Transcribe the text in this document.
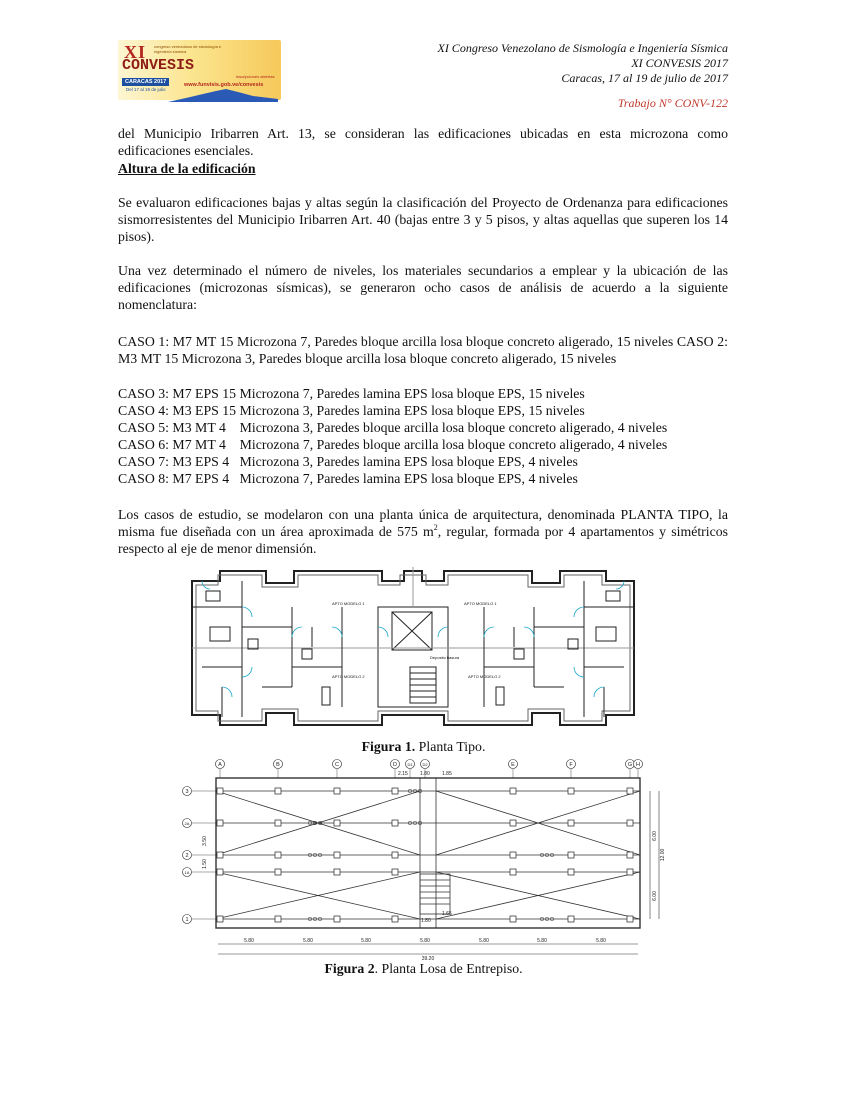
XI congreso venezolano de sismología e ingeniería sísmica
CONVESIS
CARACAS 2017
Del 17 al 19 de julio
inscripciones abiertas
www.funvisis.gob.ve/convesis
XI Congreso Venezolano de Sismología e Ingeniería Sísmica
XI CONVESIS 2017
Caracas, 17 al 19 de julio de 2017
Trabajo N° CONV-122
del Municipio Iribarren Art. 13, se consideran las edificaciones ubicadas en esta microzona como edificaciones esenciales.
Altura de la edificación
Se evaluaron edificaciones bajas y altas según la clasificación del Proyecto de Ordenanza para edificaciones sismorresistentes del Municipio Iribarren Art. 40 (bajas entre 3 y 5 pisos, y altas aquellas que superen los 14 pisos).
Una vez determinado el número de niveles, los materiales secundarios a emplear y la ubicación de las edificaciones (microzonas sísmicas), se generaron ocho casos de análisis de acuerdo a la siguiente nomenclatura:
CASO 1: M7 MT 15 Microzona 7, Paredes bloque arcilla losa bloque concreto aligerado, 15 niveles CASO 2: M3 MT 15 Microzona 3, Paredes bloque arcilla losa bloque concreto aligerado, 15 niveles
CASO 3: M7 EPS 15 Microzona 7, Paredes lamina EPS losa bloque EPS, 15 niveles
CASO 4: M3 EPS 15 Microzona 3, Paredes lamina EPS losa bloque EPS, 15 niveles
CASO 5: M3 MT 4    Microzona 3, Paredes bloque arcilla losa bloque concreto aligerado, 4 niveles
CASO 6: M7 MT 4    Microzona 7, Paredes bloque arcilla losa bloque concreto aligerado, 4 niveles
CASO 7: M3 EPS 4   Microzona 3, Paredes lamina EPS losa bloque EPS, 4 niveles
CASO 8: M7 EPS 4   Microzona 7, Paredes lamina EPS losa bloque EPS, 4 niveles
Los casos de estudio, se modelaron con una planta única de arquitectura, denominada PLANTA TIPO, la misma fue diseñada con un área aproximada de 575 $m^2$, regular, formada por 4 apartamentos y simétricos respecto al eje de menor dimensión.
APTO MODELO 1	APTO MODELO 1
APTO MODELO 2	APTO MODELO 2
Deposito basura
Figura 1. Planta Tipo.
A	B	C	D	D1 D2	E	F	G H
3
2A
2
1A
1
5.80	5.80	5.80	5.80	5.80	5.80	5.80
2.15 1.80 1.85
1.65
1.80
39.20
6.00
12.00
6.00
3.50
1.50
Figura 2. Planta Losa de Entrepiso.
